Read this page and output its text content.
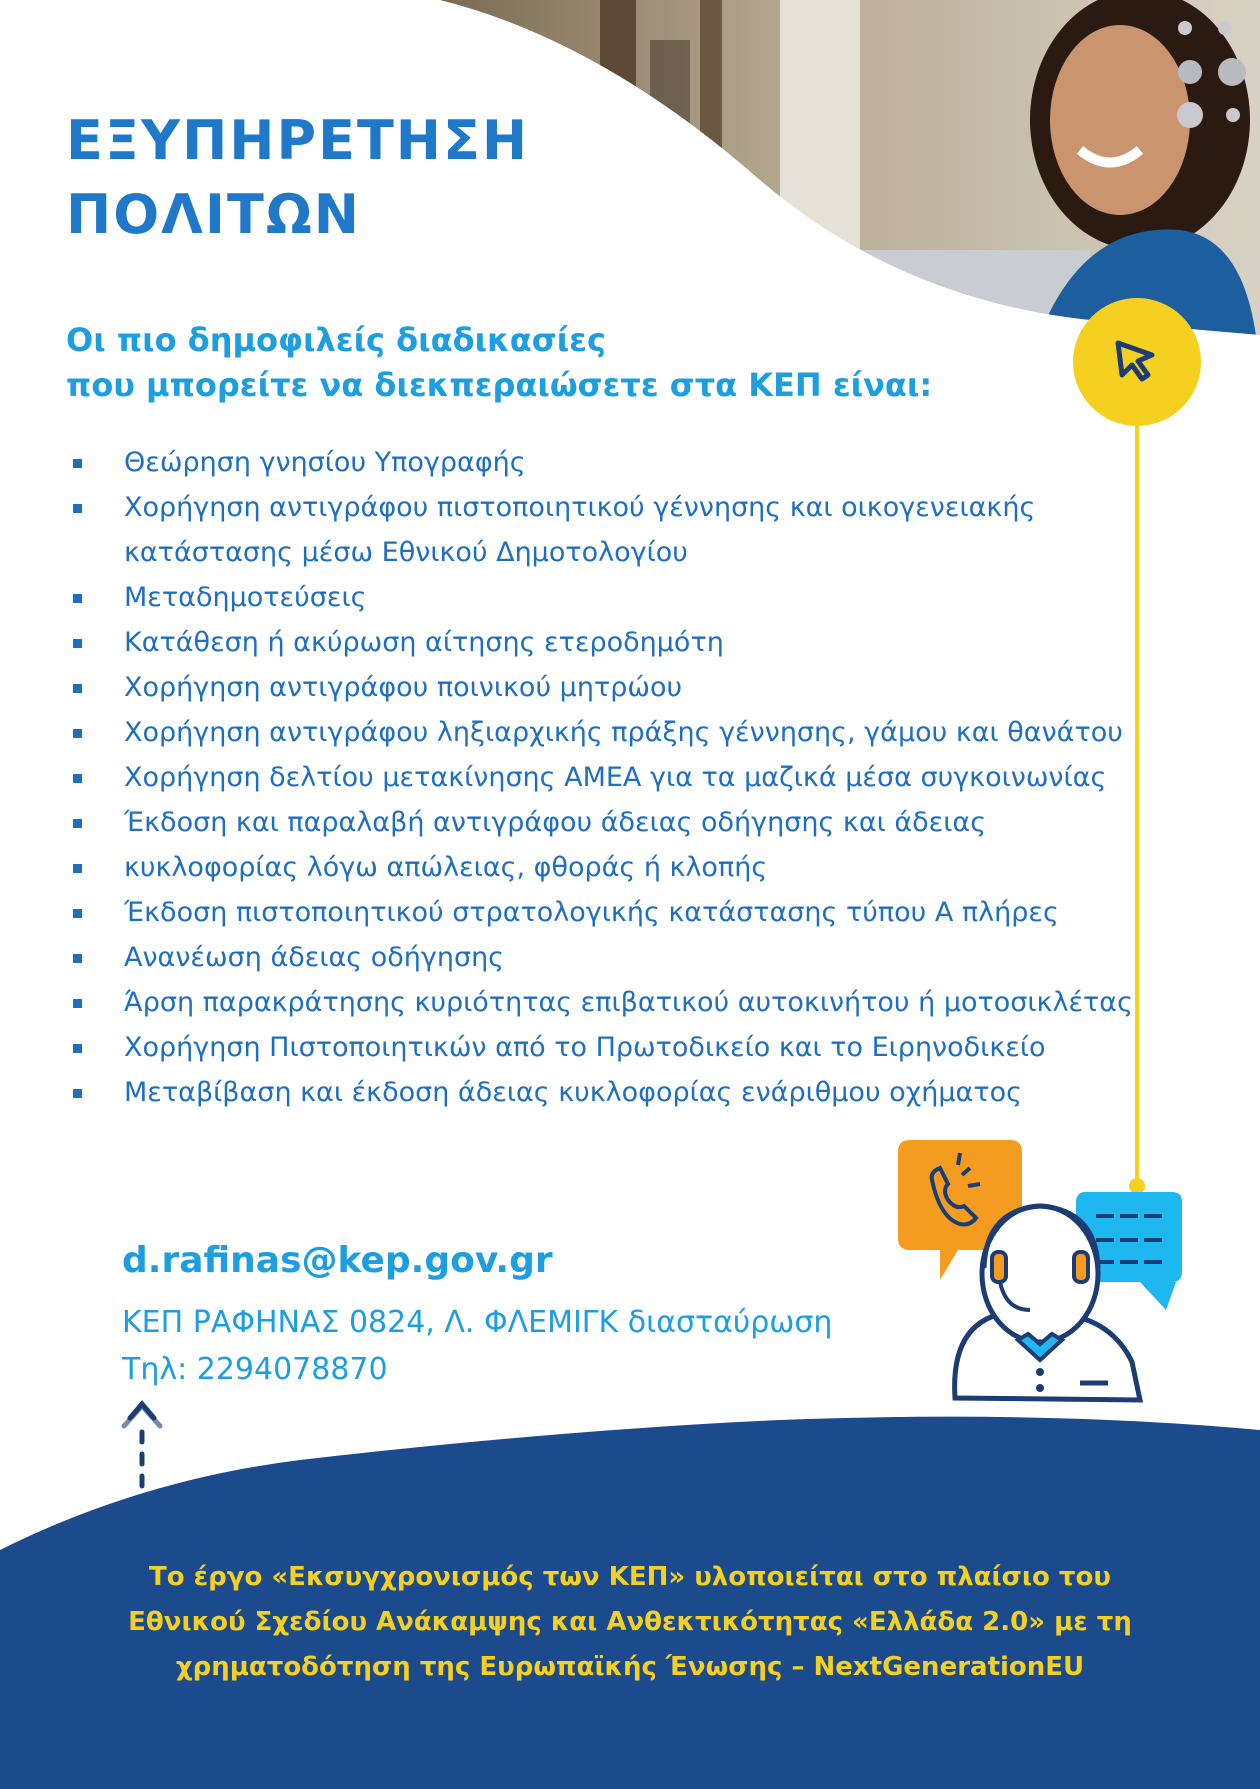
ΕΞΥΠΗΡΕΤΗΣΗ
ΠΟΛΙΤΩΝ

Οι πιο δημοφιλείς διαδικασίες
που μπορείτε να διεκπεραιώσετε στα ΚΕΠ είναι:

Θεώρηση γνησίου Υπογραφής
Χορήγηση αντιγράφου πιστοποιητικού γέννησης και οικογενειακής
κατάστασης μέσω Εθνικού Δημοτολογίου
Μεταδημοτεύσεις
Κατάθεση ή ακύρωση αίτησης ετεροδημότη
Χορήγηση αντιγράφου ποινικού μητρώου
Χορήγηση αντιγράφου ληξιαρχικής πράξης γέννησης, γάμου και θανάτου
Χορήγηση δελτίου μετακίνησης ΑΜΕΑ για τα μαζικά μέσα συγκοινωνίας
Έκδοση και παραλαβή αντιγράφου άδειας οδήγησης και άδειας
κυκλοφορίας λόγω απώλειας, φθοράς ή κλοπής
Έκδοση πιστοποιητικού στρατολογικής κατάστασης τύπου Α πλήρες
Ανανέωση άδειας οδήγησης
Άρση παρακράτησης κυριότητας επιβατικού αυτοκινήτου ή μοτοσικλέτας
Χορήγηση Πιστοποιητικών από το Πρωτοδικείο και το Ειρηνοδικείο
Μεταβίβαση και έκδοση άδειας κυκλοφορίας ενάριθμου οχήματος
d.rafinas@kep.gov.gr
ΚΕΠ ΡΑΦΗΝΑΣ 0824, Λ. ΦΛΕΜΙΓΚ διασταύρωση
Τηλ: 2294078870
Το έργο «Εκσυγχρονισμός των ΚΕΠ» υλοποιείται στο πλαίσιο του
Εθνικού Σχεδίου Ανάκαμψης και Ανθεκτικότητας «Ελλάδα 2.0» με τη
χρηματοδότηση της Ευρωπαϊκής Ένωσης – NextGenerationEU
